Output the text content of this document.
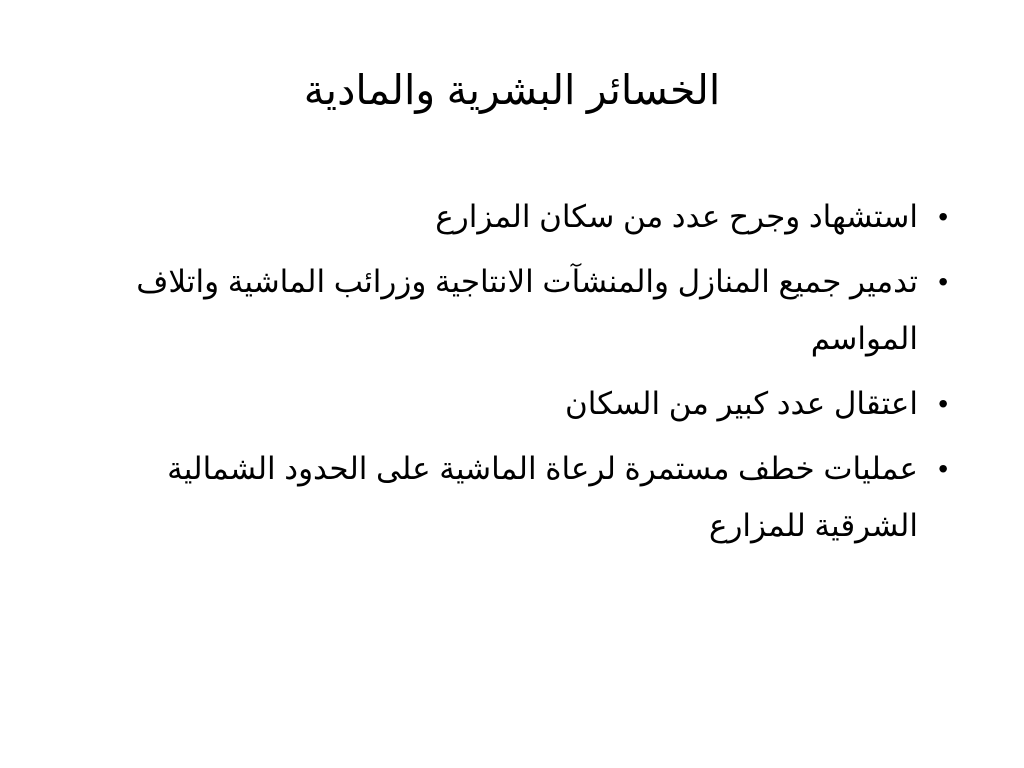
الخسائر البشرية والمادية
•
استشهاد وجرح عدد من سكان المزارع
•
تدمير جميع المنازل والمنشآت الانتاجية وزرائب الماشية واتلاف المواسم
•
اعتقال عدد كبير من السكان
•
عمليات خطف مستمرة لرعاة الماشية على الحدود الشمالية الشرقية للمزارع
